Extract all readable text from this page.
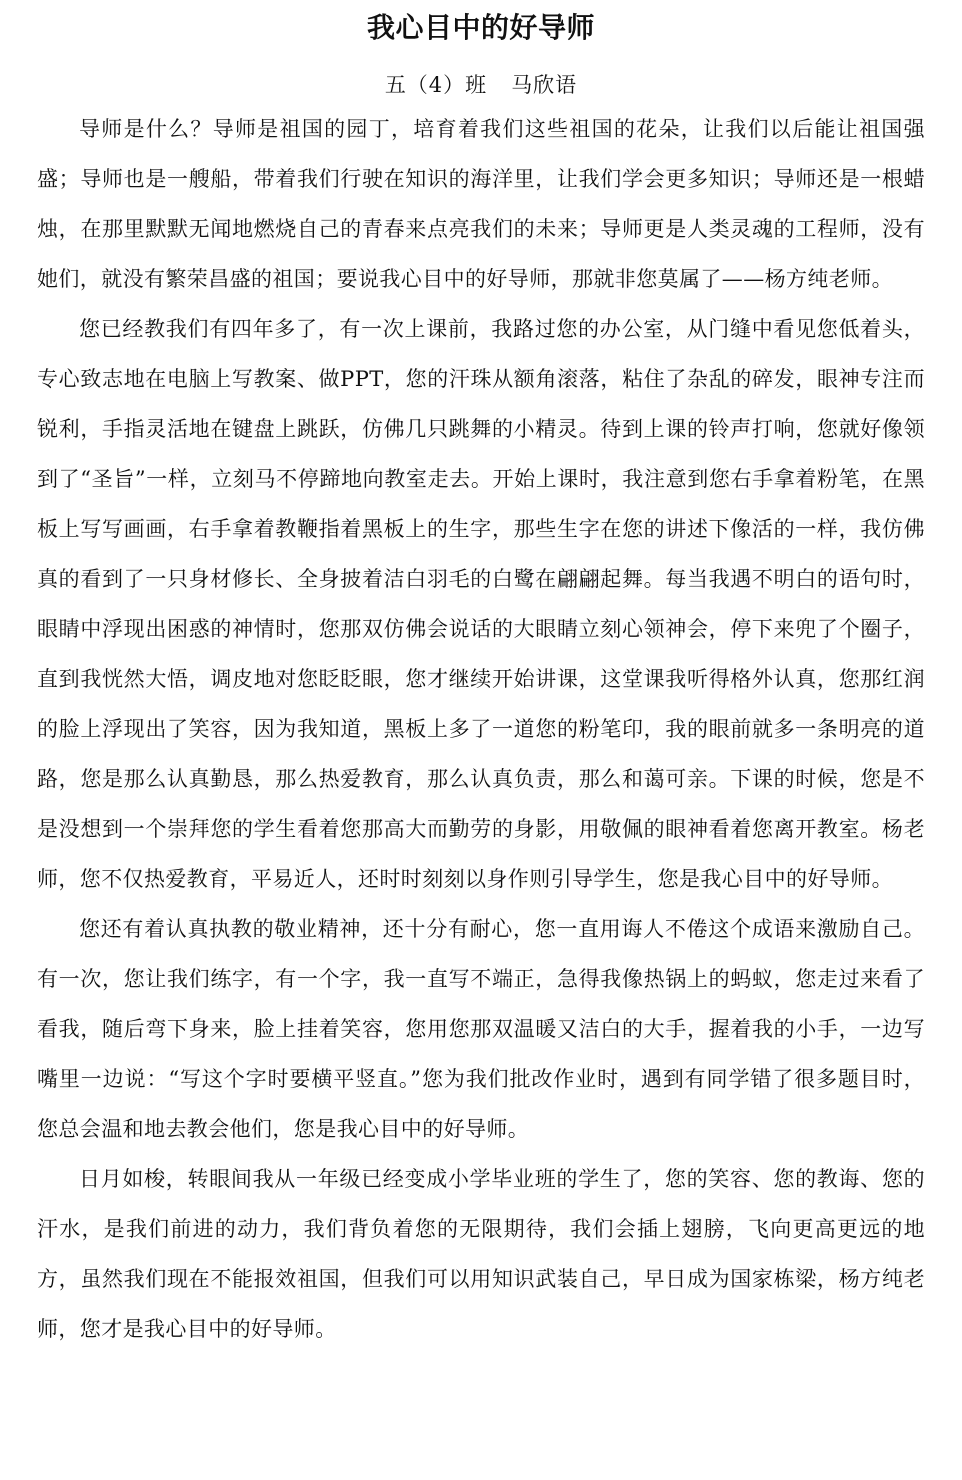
我心目中的好导师
五（4）班 马欣语

导师是什么？导师是祖国的园丁，培育着我们这些祖国的花朵，让我们以后能让祖国强盛；导师也是一艘船，带着我们行驶在知识的海洋里，让我们学会更多知识；导师还是一根蜡烛，在那里默默无闻地燃烧自己的青春来点亮我们的未来；导师更是人类灵魂的工程师，没有她们，就没有繁荣昌盛的祖国；要说我心目中的好导师，那就非您莫属了——杨方纯老师。

您已经教我们有四年多了，有一次上课前，我路过您的办公室，从门缝中看见您低着头，专心致志地在电脑上写教案、做PPT，您的汗珠从额角滚落，粘住了杂乱的碎发，眼神专注而锐利，手指灵活地在键盘上跳跃，仿佛几只跳舞的小精灵。待到上课的铃声打响，您就好像领到了“圣旨”一样，立刻马不停蹄地向教室走去。开始上课时，我注意到您右手拿着粉笔，在黑板上写写画画，右手拿着教鞭指着黑板上的生字，那些生字在您的讲述下像活的一样，我仿佛真的看到了一只身材修长、全身披着洁白羽毛的白鹭在翩翩起舞。每当我遇不明白的语句时，眼睛中浮现出困惑的神情时，您那双仿佛会说话的大眼睛立刻心领神会，停下来兜了个圈子，直到我恍然大悟，调皮地对您眨眨眼，您才继续开始讲课，这堂课我听得格外认真，您那红润的脸上浮现出了笑容，因为我知道，黑板上多了一道您的粉笔印，我的眼前就多一条明亮的道路，您是那么认真勤恳，那么热爱教育，那么认真负责，那么和蔼可亲。下课的时候，您是不是没想到一个崇拜您的学生看着您那高大而勤劳的身影，用敬佩的眼神看着您离开教室。杨老师，您不仅热爱教育，平易近人，还时时刻刻以身作则引导学生，您是我心目中的好导师。

您还有着认真执教的敬业精神，还十分有耐心，您一直用诲人不倦这个成语来激励自己。有一次，您让我们练字，有一个字，我一直写不端正，急得我像热锅上的蚂蚁，您走过来看了看我，随后弯下身来，脸上挂着笑容，您用您那双温暖又洁白的大手，握着我的小手，一边写嘴里一边说：“写这个字时要横平竖直。”您为我们批改作业时，遇到有同学错了很多题目时，您总会温和地去教会他们，您是我心目中的好导师。

日月如梭，转眼间我从一年级已经变成小学毕业班的学生了，您的笑容、您的教诲、您的汗水，是我们前进的动力，我们背负着您的无限期待，我们会插上翅膀，飞向更高更远的地方，虽然我们现在不能报效祖国，但我们可以用知识武装自己，早日成为国家栋梁，杨方纯老师，您才是我心目中的好导师。
